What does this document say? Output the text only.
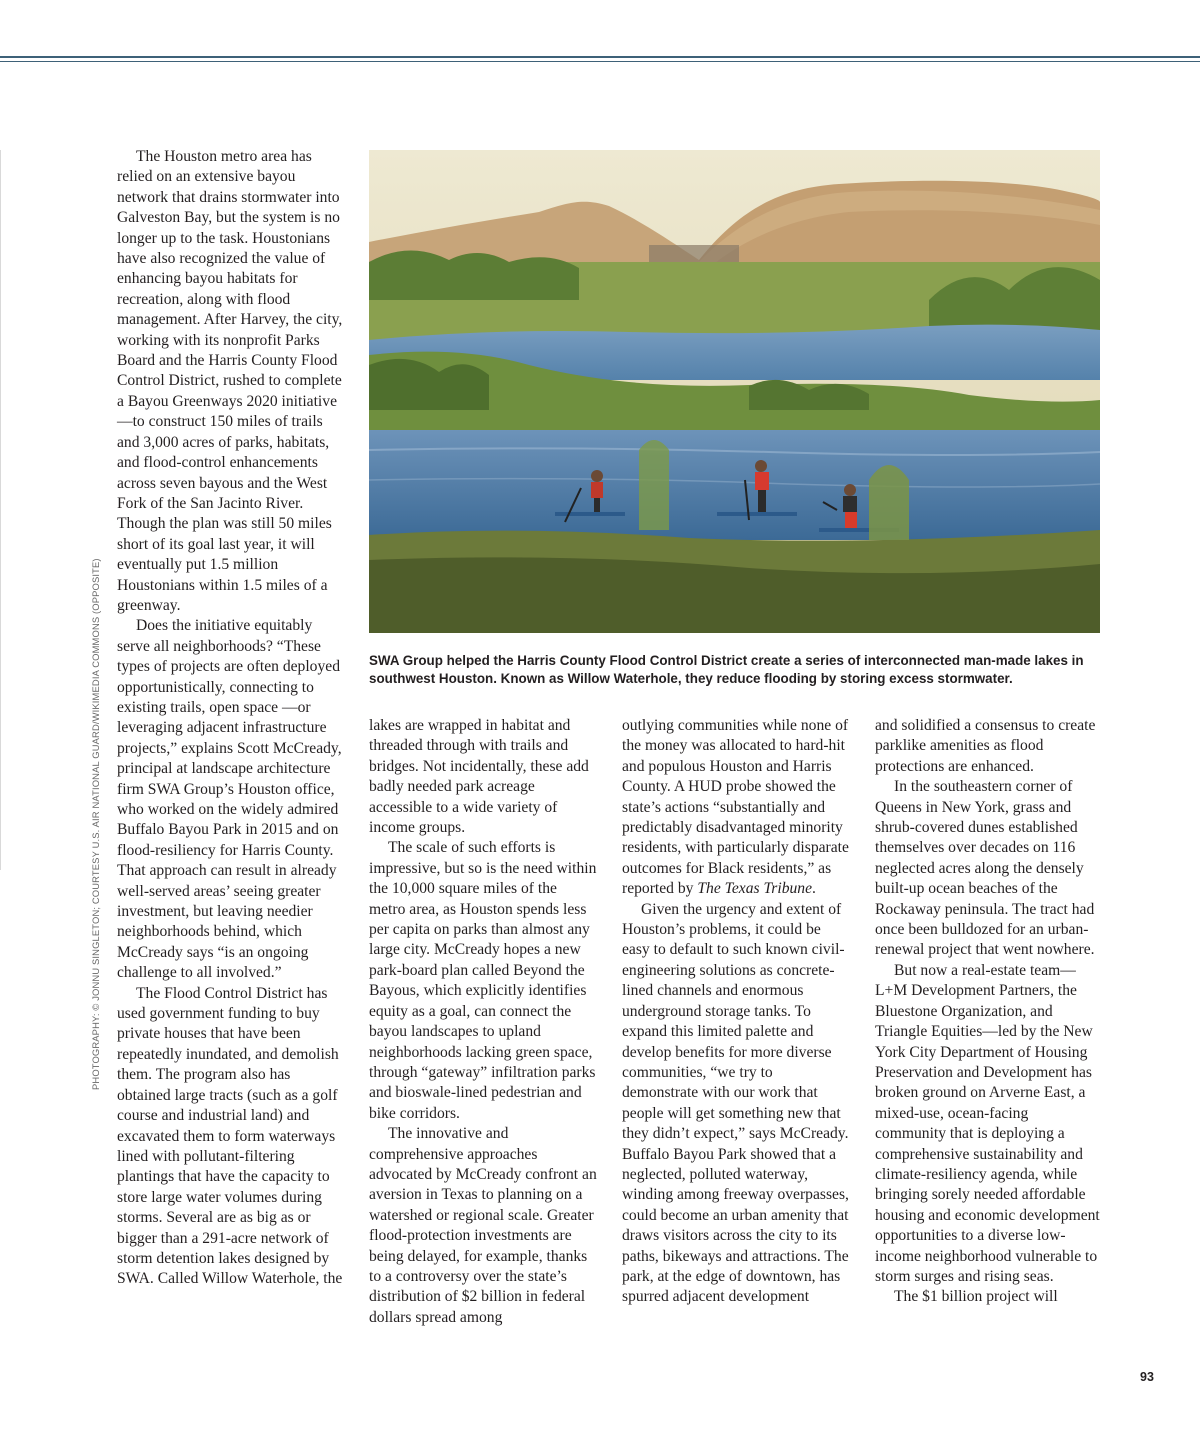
PHOTOGRAPHY: © JONNU SINGLETON; COURTESY U.S. AIR NATIONAL GUARD/WIKIMEDIA COMMONS (OPPOSITE)

The Houston metro area has relied on an extensive bayou network that drains stormwater into Galveston Bay, but the system is no longer up to the task. Houstonians have also recognized the value of enhancing bayou habitats for recreation, along with flood management. After Harvey, the city, working with its nonprofit Parks Board and the Harris County Flood Control District, rushed to complete a Bayou Greenways 2020 initiative—to construct 150 miles of trails and 3,000 acres of parks, habitats, and flood-control enhancements across seven bayous and the West Fork of the San Jacinto River. Though the plan was still 50 miles short of its goal last year, it will eventually put 1.5 million Houstonians within 1.5 miles of a greenway.

Does the initiative equitably serve all neighborhoods? “These types of projects are often deployed opportunistically, connecting to existing trails, open space —or leveraging adjacent infrastructure projects,” explains Scott McCready, principal at landscape architecture firm SWA Group’s Houston office, who worked on the widely admired Buffalo Bayou Park in 2015 and on flood-resiliency for Harris County. That approach can result in already well-served areas’ seeing greater investment, but leaving needier neighborhoods behind, which McCready says “is an ongoing challenge to all involved.”

The Flood Control District has used government funding to buy private houses that have been repeatedly inundated, and demolish them. The program also has obtained large tracts (such as a golf course and industrial land) and excavated them to form waterways lined with pollutant-filtering plantings that have the capacity to store large water volumes during storms. Several are as big as or bigger than a 291-acre network of storm detention lakes designed by SWA. Called Willow Waterhole, the

SWA Group helped the Harris County Flood Control District create a series of interconnected man-made lakes in southwest Houston. Known as Willow Waterhole, they reduce flooding by storing excess stormwater.

lakes are wrapped in habitat and threaded through with trails and bridges. Not incidentally, these add badly needed park acreage accessible to a wide variety of income groups.

The scale of such efforts is impressive, but so is the need within the 10,000 square miles of the metro area, as Houston spends less per capita on parks than almost any large city. McCready hopes a new park-board plan called Beyond the Bayous, which explicitly identifies equity as a goal, can connect the bayou landscapes to upland neighborhoods lacking green space, through “gateway” infiltration parks and bioswale-lined pedestrian and bike corridors.

The innovative and comprehensive approaches advocated by McCready confront an aversion in Texas to planning on a watershed or regional scale. Greater flood-protection investments are being delayed, for example, thanks to a controversy over the state’s distribution of $2 billion in federal dollars spread among

outlying communities while none of the money was allocated to hard-hit and populous Houston and Harris County. A HUD probe showed the state’s actions “substantially and predictably disadvantaged minority residents, with particularly disparate outcomes for Black residents,” as reported by The Texas Tribune.

Given the urgency and extent of Houston’s problems, it could be easy to default to such known civil-engineering solutions as concrete-lined channels and enormous underground storage tanks. To expand this limited palette and develop benefits for more diverse communities, “we try to demonstrate with our work that people will get something new that they didn’t expect,” says McCready. Buffalo Bayou Park showed that a neglected, polluted waterway, winding among freeway overpasses, could become an urban amenity that draws visitors across the city to its paths, bikeways and attractions. The park, at the edge of downtown, has spurred adjacent development

and solidified a consensus to create parklike amenities as flood protections are enhanced.

In the southeastern corner of Queens in New York, grass and shrub-covered dunes established themselves over decades on 116 neglected acres along the densely built-up ocean beaches of the Rockaway peninsula. The tract had once been bulldozed for an urban-renewal project that went nowhere.

But now a real-estate team—L+M Development Partners, the Bluestone Organization, and Triangle Equities—led by the New York City Department of Housing Preservation and Development has broken ground on Arverne East, a mixed-use, ocean-facing community that is deploying a comprehensive sustainability and climate-resiliency agenda, while bringing sorely needed affordable housing and economic development opportunities to a diverse low-income neighborhood vulnerable to storm surges and rising seas.

The $1 billion project will

93
